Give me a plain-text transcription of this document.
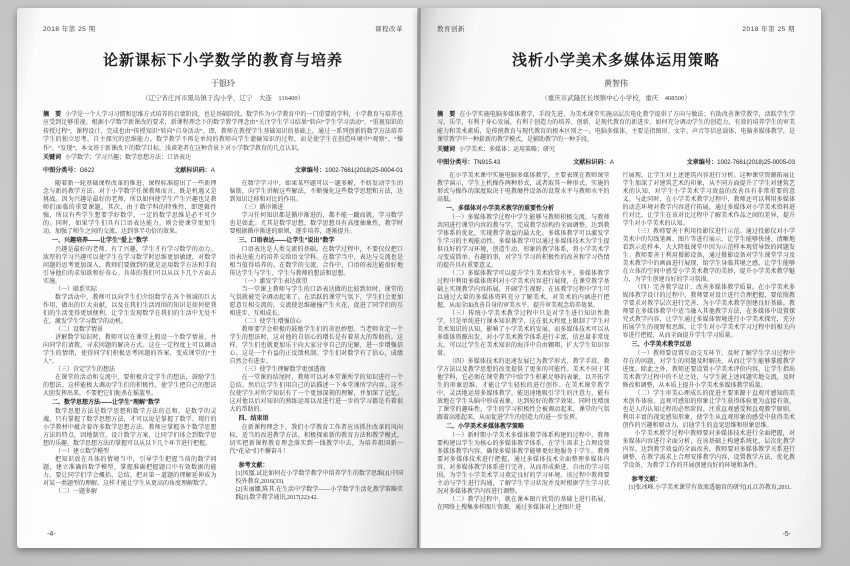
2018 年第 25 期	课程改革
论新课标下小学数学的教育与培养
于银玲
（辽宁省庄河市黑岛镇于沟小学，辽宁　大连　116400）
摘　要 小学是一个人学习习惯和思维方式培养的启蒙阶段，也是基础阶段。数学作为小学教育中的一门重要的学科，小学教育与培养也应受到足够重视。根据小学数学新课改的要求，新课程理念下的数学教学理念由“关注学生学习结果”转向“学生学习活动”、“重视知识的传授过程”，课程设计、完成也由“传授知识”转向“自身活动”。即，教师在教授学生基础知识的基础上，通过一系列创新的数学方法培养学生的独立思考、自主探究的思维能力。数学教学不再是单纯的教师向学生灌输知识的过程，而是使学生在创造环境中“观察”、“操作”、“发现”。本文基于新课改下的数学目标，浅谈笔者在这种背景下对小学数学教育的几点认识。
关键词 小学数学；学习兴趣；数学思想方法；口语表达
中图分类号：G622	文献标识码：A	文章编号：1002-7661(2018)25-0004-01
随着新一轮基础课程改革的推进，课程标准提出了一些新理念与新的教学方法。对于小学数学任课教师而言，既是机遇又是挑战。因为兴趣是最好的老师，所以如何使学生产生兴趣也是教师们面临的重要课题。其次，由于数学科的特殊性，即逻辑性强，所以有些学生想要学好数学，一定的数学思维是必不可少的。同时，如果学生们具有口语表达能力，则会使课堂更加生动，加强了师生之间的交流，达到事半功倍的效果。
一、兴趣培养——让学生“爱上”数学
兴趣是最好的老师。有了兴趣，学生才有学习数学的动力。浓厚的学习兴趣可以使学生在学习数学时思维更加敏捷，对数学问题的思考更加深入。教师们要做到的就是运用数学方法和手段引导他们的求知欲和好奇心。具体的我们可以从以下几个方面去实施。
（一）联系实际
数学活动中，教师可以向学生们介绍数学在各个领域的巨大作用、做出的巨大贡献，以及在我们生活周围的知识是如何使我们的生活变得更加便利，让学生发现数学在我们的生活中无处不在，激发学生学习数学的动机。
（二）设数学情景
讲解数学知识时，教师可以在课堂上假设一个数学情景，并向同学们请教，寻求问题的解决方式。这在一定程度上可以调动学生的情绪，使得同学们积极思考问题的答案，变成课堂的“主人”。
（三）肯定学生的想法
在课堂的活动和交流中，要积极肯定学生的想法，鼓励学生的想法。这样能极大调动学生们的积极性，使学生把自己的想法大胆发挥出来，不要把它们扼杀在摇篮里。
二、数学思想方法——让学生“理解”数学
数学思想方法是数学思想和数学方法的总和，是数学的灵魂。只有掌握了数学思想方法，才可以说是掌握了数学。现行的小学教材中蕴含着许多数学思想方法。教师应掌握各个数学思想方法的特点，因地制宜、设计数学方案，让同学们体会到数学思想的乐趣。数学思想方法的掌握可以从以下几个环节进行把握。
（一）建立数学模型
把知识放在具体的情境当中，引导学生把握当前的数学问题，建立准确的数学模型，掌握准确把握题目中有效数据的能力。要让同学们学会概括、总结，把对第一道题的理解延伸成为对某一类题型的理解。这样才能让学生从更高的角度理解数学。
（二）一题多解
在数学学习中，如果某些题可以一题多解，不妨发动学生的脑筋，向学生讲解这些解法，不断强化这些数学思想和方法，达到知识迁移和对比的作用。
（三）循序渐进
学习任何知识都是循序渐进的，都不能一蹴而就，学习数学也是如此。尤其是数学思想，数学思想具有高度抽象性，教学时要根据循序渐进的原则，逐步培养，逐渐提升。
三、口语表达——让学生“说出”数学
口语表达是人类交流的基础。在数学过程中，不要仅仅把口语表达能力的培养交给语文学科。在数学当中，表达与交流也是相当值得培养的。在数学的交流、合作中，口语的表达能很好地传达学生与学生、学生与教师的想法和思想。
（一）激发学生表达欲望
当一堂课上教师与学生的口语表达做的比较到位时，课堂的气氛就被完全调动起来了。在活跃的课堂气氛下，学生们会更加愿意互相交流的，交流使思维碰撞产生火花，促进了同学们的互相进步、互相成长。
（二）使学生增强信心
教师要学会积极的鼓励学生们的奇思妙想。当老师肯定一个学生的想法时，这对他的自信心的增长是有着莫大的帮助的。这样，学生们也就更加乐于向大家分享自己的见解，进一步增强信心。这是一个有益的正反馈机制。学生们对数学有了信心，成绩自然会有进步。
（三）使学生理解数学更加透彻
在一堂课的结尾时，教师可以对本堂课所学的知识进行一个总结。然后让学生们用自己的话描述一下本堂课所学内容。这不仅使学生对所学知识有了一个更加深刻的理解，并加深了记忆。这对他以后对知识的熟练运用以及进行进一步的学习都是有着很大的帮助的。
四、结束语
在新课程理念下，我们小学教育工作者应该抓住改革的风向标，适当的改进教学方法，积极探索新的教育方法和教学模式，切实把新课程教育理念落实到一线教学中去，为培养祖国新一代“花朵”们不懈奋斗！
参考文献：
[1]凤凰.试论如何在小学数学教学中培养学生的数学思维[J].中国校外教育,2016(33).
[2]朱丽娜,陈其.在生活中学数学——小学数学生活化教学策略实践[J].数学教学通讯,2017(22):42.
-4-
教育创新	2018 年第 25 期
浅析小学美术多媒体运用策略
黄智伟
（重庆市武隆区长坝镇中心小学校，重庆　408500）
摘　要 在小学实施电脑多媒体教学，手段先进，为美术课堂实施高层次电化教学提供了方向与做法；有助改善课堂教学，活跃学生学习，乐学，有利于身心发展，有利于创造力的培养、创新，是现代教育的新进步。如何充分调动学生的创造力，有效的培养学生的审美能力和美术素质，是传统教育与现代教育的根本区别之一。电脑多媒体，主要是指图形、文字、声音等信息载体，电脑多媒体教学，是课堂教学中一种崭新的教学模式，是辅助教学的一种手段。
关键词 小学美术；多媒体；运用策略；研究
中图分类号：TN915.43	文献标识码：A	文章编号：1002-7661(2018)25-0005-03
在小学美术课中实施电脑多媒体教学，主要表现在教师课堂教学演示，学生上机操作两种形式，或者取其一种形式。实施的形式与操作的深度取决于电教硬件设备的设置水平与教师水平的高低。
一、多媒体对小学美术教学的重要性分析
（一）多媒体教学过程中学生能够与教师积极交流，与教师共同进行课堂内容的教与学，完成教学结构的全面调整，达到教学体系的优化，实现教学效益的最大化。多媒体教学可以激发学生学习的主观能动性。多媒体教学可以通过多媒体技术为学生提供良好的学习环境，创造生动、形象的教学体系，将小学美术学习变成简单、有趣的事，对学生学习的积极性的改善和学习热情的提升具有重要意义。
（二）多媒体教学可以提升学生美术欣赏水平。多媒体教学过程中利用多媒体资料对小学美术内容进行展现，在课堂教学基础上实现教学内容拓展，开阔学生视野。在该教学过程中学生可以通过大量的多媒体资料充分了解美术，对美术的内涵进行把握，从而全面改善自身的审美水平，提升审美观念培养效果。
（三）传统小学美术教学过程中只是对学生进行知识性教学，只是单纯进行课本知识教学，这在很大程度上限制了学生对美术知识的认知，影响了小学美术的发展。而多媒体技术可以从多媒体资源出发，对小学美术教学体系进行丰富，信息量非常庞大，可以让学生在美术知识的海洋中自由翱翔，扩大学生知识容量。
（四）多媒体技术的迅速发展已为教学形式、教学手段、教学方法以及教学思想的改变提供了更多的可能性。美术不同于其他学科，它必须在课堂教学中给学生积累足够的表象，以开拓学生的形象思维，才能让学生轻松的进行创作。在美术课堂教学中，灵活地运用多媒体教学，能迅速地吸引学生的注意力，能有效地在学生头脑中形成表象，达到较好的教学效果。同时也增加了课堂的趣味性，学生的学习积极性会被调动起来，课堂的气氛跟着高涨起来，从而促进学生的创造力的进一步发挥。
二、小学美术多媒体教学策略
（一）新时期小学美术多媒体教学体系构建的过程中，教师要构建以学生为核心的多媒体教学体系，在学生需求上合理设置多媒体教学内容，确保多媒体教学能够更好地服务于学生。教师要对多媒体技术进行把握，通过多媒体技术全面整理多媒体内容，对多媒体教学体系进行完善，从而形成渐进、自由的学习氛围，为学生小学美术学习奠定良好的学习环境。该过程中教师要主动与学生进行沟通，了解学生学习状况并及时根据学生学习状况对多媒体教学内容进行调整。
（二）教学过程中，就在课本图片欣赏的基础上进行拓展，在网络上搜集多样图片资源，通过多媒体对上述图片进
行展现，让学生对上述建筑内容进行分析。这种课堂资源拓展让学生加深了对建筑艺术的印象，从不同方面提升了学生对建筑艺术的认知，对学生小学美术学习效益的改善具有非常重要的意义。与此同时，在小学美术教学过程中，教师还可以利用多媒体的动态环境对教学内容进行拓展，通过多媒体对小学美术资料进行对比，让学生在该对比过程中了解美术作品之间的差异，提升学生对小学美术的认知。
（三）教师要善于利用投影仪进行示范。通过投影仪对小学美术中的勾线笔画、图片等进行展示，让学生能够快速、清晰地看到示范样本，大大降低课堂中因为示范样本观赏导致的问题发生。教师要善于利用摄影设备，通过摄影设备对学生课堂学习及美术教学中的画面进行展现，给学生身临其境之感，让学生能够在立体的空间中感受小学美术教学的美妙，提升小学美术教学魅力，为学生创建良好的学习氛围。
（四）完善教学设计，改善多媒体教学质量。在小学美术多媒体教学设计的过程中，教师要对设计进行合理把握，要依照教学要求对教学层次进行完善，为小学美术教学创建良好基础。教师要在多媒体教学中适当融入其他教学方法，在多媒体中设置探究式教学内容，让学生通过多媒体情境进行小学美术探究，充分拓展学生的视野和思维，让学生对小学美术学习过程中的相关内容进行把握，从而全面提升学生学习质量。
三、小学美术教学反思
（一）教师要设置互动交互环节，及时了解学生学习过程中存在的问题，对学生的问题及时解决，从而让学生能够掌握教学进度。除此之外，教师还要设置小学美术评价内容，让学生指出美术教学过程中的不足之处，与学生就上述问题实地交流，及时修改和调整，从本质上提升小学美术多媒体教学质量。
（二）学生审美心理成长的促进主要来源于直观可感知的美术创作体验。直观可感知的形象让学生获得体验更为直接有效，也是人的认知过程的必然阶段。注重直观感受和直观教学原则，利用丰富的视觉感知形象，使学生从直观形象的感受中获得美术创作的兴趣和原动力，启迪学生的直觉思维和形象思维。
小学美术教学过程中教师要对多媒体技术进行全面把握，对多媒体内容进行全面分析，在该基础上构建系统化、层次化教学内容，达到教学效益的全面改善。教师要对多媒体教学关系进行调整，在教学需求上合理安排教学内容，设置教学方法，优化教学设备，为教学工作的开展创建良好的环境和条件。
参考文献：
[1]张冰峰.小学美术课堂有效渗透德育的研究[J].江苏教育,2011.
-5-
